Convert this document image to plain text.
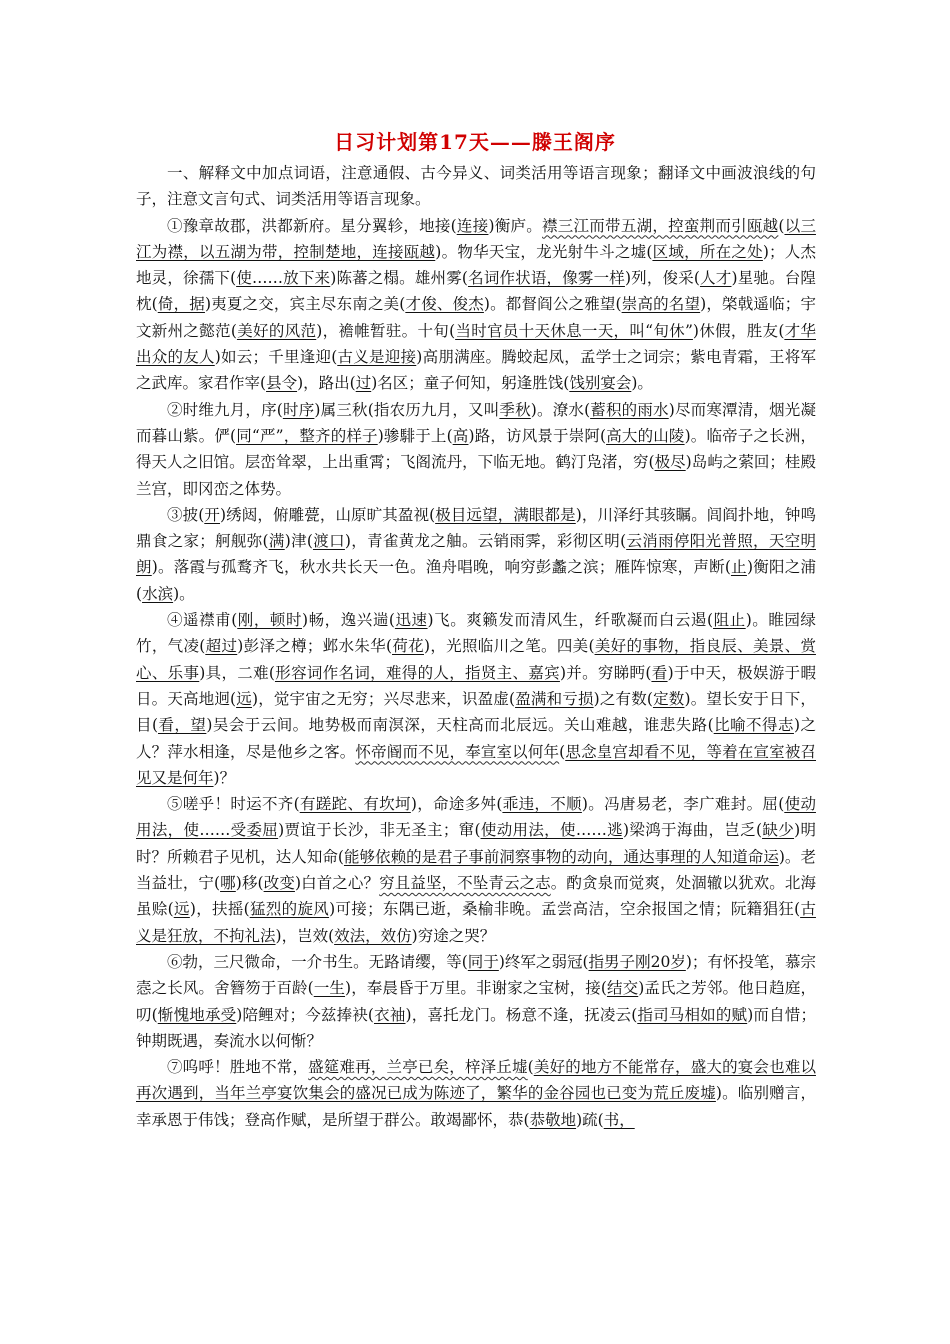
日习计划第17天——滕王阁序

一、解释文中加点词语，注意通假、古今异义、词类活用等语言现象；翻译文中画波浪线的句子，注意文言句式、词类活用等语言现象。

①豫章故郡，洪都新府。星分翼轸，地接(连接)衡庐。襟三江而带五湖，控蛮荆而引瓯越(以三江为襟，以五湖为带，控制楚地，连接瓯越)。物华天宝，龙光射牛斗之墟(区域，所在之处)；人杰地灵，徐孺下(使……放下来)陈蕃之榻。雄州雾(名词作状语，像雾一样)列，俊采(人才)星驰。台隍枕(倚，据)夷夏之交，宾主尽东南之美(才俊、俊杰)。都督阎公之雅望(崇高的名望)，棨戟遥临；宇文新州之懿范(美好的风范)，襜帷暂驻。十旬(当时官员十天休息一天，叫“旬休”)休假，胜友(才华出众的友人)如云；千里逢迎(古义是迎接)高朋满座。腾蛟起凤，孟学士之词宗；紫电青霜，王将军之武库。家君作宰(县令)，路出(过)名区；童子何知，躬逢胜饯(饯别宴会)。

②时维九月，序(时序)属三秋(指农历九月，又叫季秋)。潦水(蓄积的雨水)尽而寒潭清，烟光凝而暮山紫。俨(同“严”，整齐的样子)骖騑于上(高)路，访风景于崇阿(高大的山陵)。临帝子之长洲，得天人之旧馆。层峦耸翠，上出重霄；飞阁流丹，下临无地。鹤汀凫渚，穷(极尽)岛屿之萦回；桂殿兰宫，即冈峦之体势。

③披(开)绣闼，俯雕甍，山原旷其盈视(极目远望，满眼都是)，川泽纡其骇瞩。闾阎扑地，钟鸣鼎食之家；舸舰弥(满)津(渡口)，青雀黄龙之舳。云销雨霁，彩彻区明(云消雨停阳光普照，天空明朗)。落霞与孤鹜齐飞，秋水共长天一色。渔舟唱晚，响穷彭蠡之滨；雁阵惊寒，声断(止)衡阳之浦(水滨)。

④遥襟甫(刚，顿时)畅，逸兴遄(迅速)飞。爽籁发而清风生，纤歌凝而白云遏(阻止)。睢园绿竹，气凌(超过)彭泽之樽；邺水朱华(荷花)，光照临川之笔。四美(美好的事物，指良辰、美景、赏心、乐事)具，二难(形容词作名词，难得的人，指贤主、嘉宾)并。穷睇眄(看)于中天，极娱游于暇日。天高地迥(远)，觉宇宙之无穷；兴尽悲来，识盈虚(盈满和亏损)之有数(定数)。望长安于日下，目(看，望)吴会于云间。地势极而南溟深，天柱高而北辰远。关山难越，谁悲失路(比喻不得志)之人？萍水相逢，尽是他乡之客。怀帝阍而不见，奉宣室以何年(思念皇宫却看不见，等着在宣室被召见又是何年)？

⑤嗟乎！时运不齐(有蹉跎、有坎坷)，命途多舛(乖违，不顺)。冯唐易老，李广难封。屈(使动用法，使……受委屈)贾谊于长沙，非无圣主；窜(使动用法，使……逃)梁鸿于海曲，岂乏(缺少)明时？所赖君子见机，达人知命(能够依赖的是君子事前洞察事物的动向，通达事理的人知道命运)。老当益壮，宁(哪)移(改变)白首之心？穷且益坚，不坠青云之志。酌贪泉而觉爽，处涸辙以犹欢。北海虽赊(远)，扶摇(猛烈的旋风)可接；东隅已逝，桑榆非晚。孟尝高洁，空余报国之情；阮籍猖狂(古义是狂放，不拘礼法)，岂效(效法，效仿)穷途之哭？

⑥勃，三尺微命，一介书生。无路请缨，等(同于)终军之弱冠(指男子刚20岁)；有怀投笔，慕宗悫之长风。舍簪笏于百龄(一生)，奉晨昏于万里。非谢家之宝树，接(结交)孟氏之芳邻。他日趋庭，叨(惭愧地承受)陪鲤对；今兹捧袂(衣袖)，喜托龙门。杨意不逢，抚凌云(指司马相如的赋)而自惜；钟期既遇，奏流水以何惭？

⑦呜呼！胜地不常，盛筵难再，兰亭已矣，梓泽丘墟(美好的地方不能常存，盛大的宴会也难以再次遇到，当年兰亭宴饮集会的盛况已成为陈迹了，繁华的金谷园也已变为荒丘废墟)。临别赠言，幸承恩于伟饯；登高作赋，是所望于群公。敢竭鄙怀，恭(恭敬地)疏(书，
